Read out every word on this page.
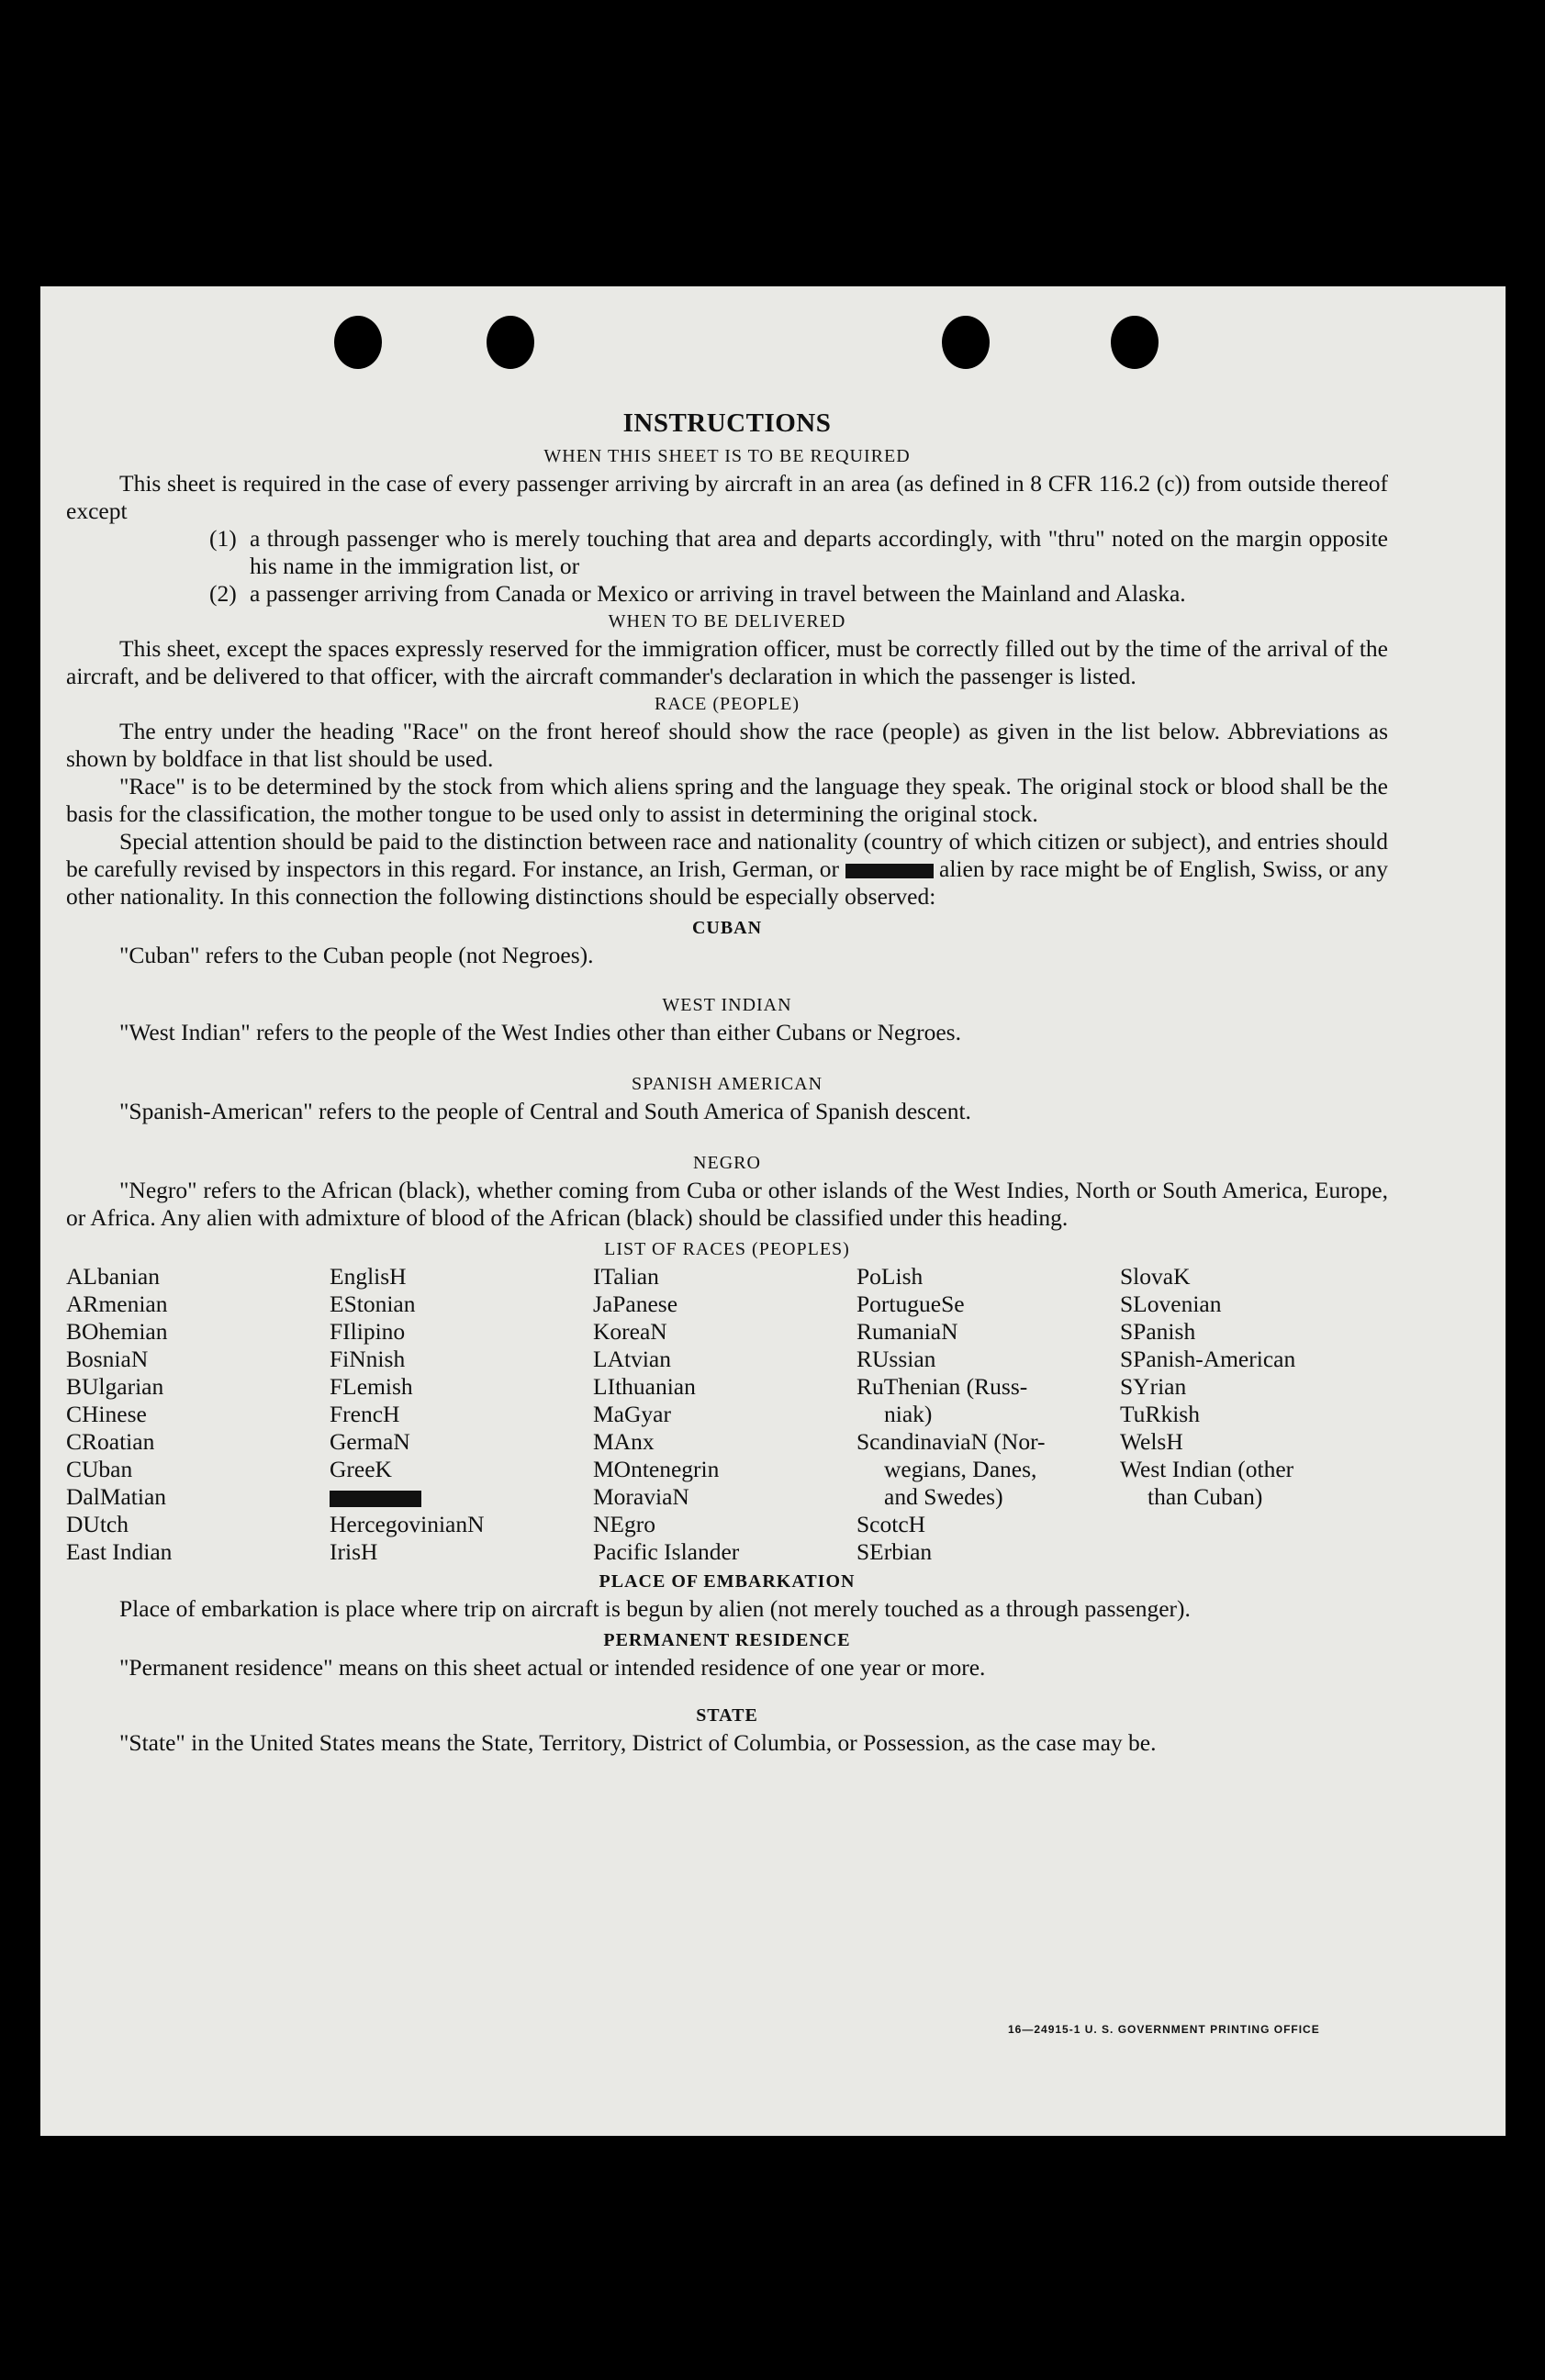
INSTRUCTIONS
WHEN THIS SHEET IS TO BE REQUIRED

This sheet is required in the case of every passenger arriving by aircraft in an area (as defined in 8 CFR 116.2 (c)) from outside thereof except

(1) a through passenger who is merely touching that area and departs accordingly, with "thru" noted on the margin opposite his name in the immigration list, or

(2) a passenger arriving from Canada or Mexico or arriving in travel between the Mainland and Alaska.

WHEN TO BE DELIVERED

This sheet, except the spaces expressly reserved for the immigration officer, must be correctly filled out by the time of the arrival of the aircraft, and be delivered to that officer, with the aircraft commander's declaration in which the passenger is listed.

RACE (PEOPLE)

The entry under the heading "Race" on the front hereof should show the race (people) as given in the list below. Abbreviations as shown by boldface in that list should be used.

"Race" is to be determined by the stock from which aliens spring and the language they speak. The original stock or blood shall be the basis for the classification, the mother tongue to be used only to assist in determining the original stock.

Special attention should be paid to the distinction between race and nationality (country of which citizen or subject), and entries should be carefully revised by inspectors in this regard. For instance, an Irish, German, or	alien by race might be of English, Swiss, or any other nationality. In this connection the following distinctions should be especially observed:

CUBAN

"Cuban" refers to the Cuban people (not Negroes).

WEST INDIAN

"West Indian" refers to the people of the West Indies other than either Cubans or Negroes.

SPANISH AMERICAN

"Spanish-American" refers to the people of Central and South America of Spanish descent.

NEGRO

"Negro" refers to the African (black), whether coming from Cuba or other islands of the West Indies, North or South America, Europe, or Africa. Any alien with admixture of blood of the African (black) should be classified under this heading.

LIST OF RACES (PEOPLES)
ALbanian
ARmenian
BOhemian
BosniaN
BUlgarian
CHinese
CRoatian
CUban
DalMatian
DUtch
East Indian
EnglisH
EStonian
FIlipino
FiNnish
FLemish
FrencH
GermaN
GreeK
HercegovinianN
IrisH
ITalian
JaPanese
KoreaN
LAtvian
LIthuanian
MaGyar
MAnx
MOntenegrin
MoraviaN
NEgro
Pacific Islander
PoLish
PortugueSe
RumaniaN
RUssian
RuThenian (Russ-
niak)
ScandinaviaN (Nor-
wegians, Danes,
and Swedes)
ScotcH
SErbian
SlovaK
SLovenian
SPanish
SPanish-American
SYrian
TuRkish
WelsH
West Indian (other
than Cuban)
PLACE OF EMBARKATION

Place of embarkation is place where trip on aircraft is begun by alien (not merely touched as a through passenger).

PERMANENT RESIDENCE

"Permanent residence" means on this sheet actual or intended residence of one year or more.

STATE

"State" in the United States means the State, Territory, District of Columbia, or Possession, as the case may be.

16—24915-1 U. S. GOVERNMENT PRINTING OFFICE
